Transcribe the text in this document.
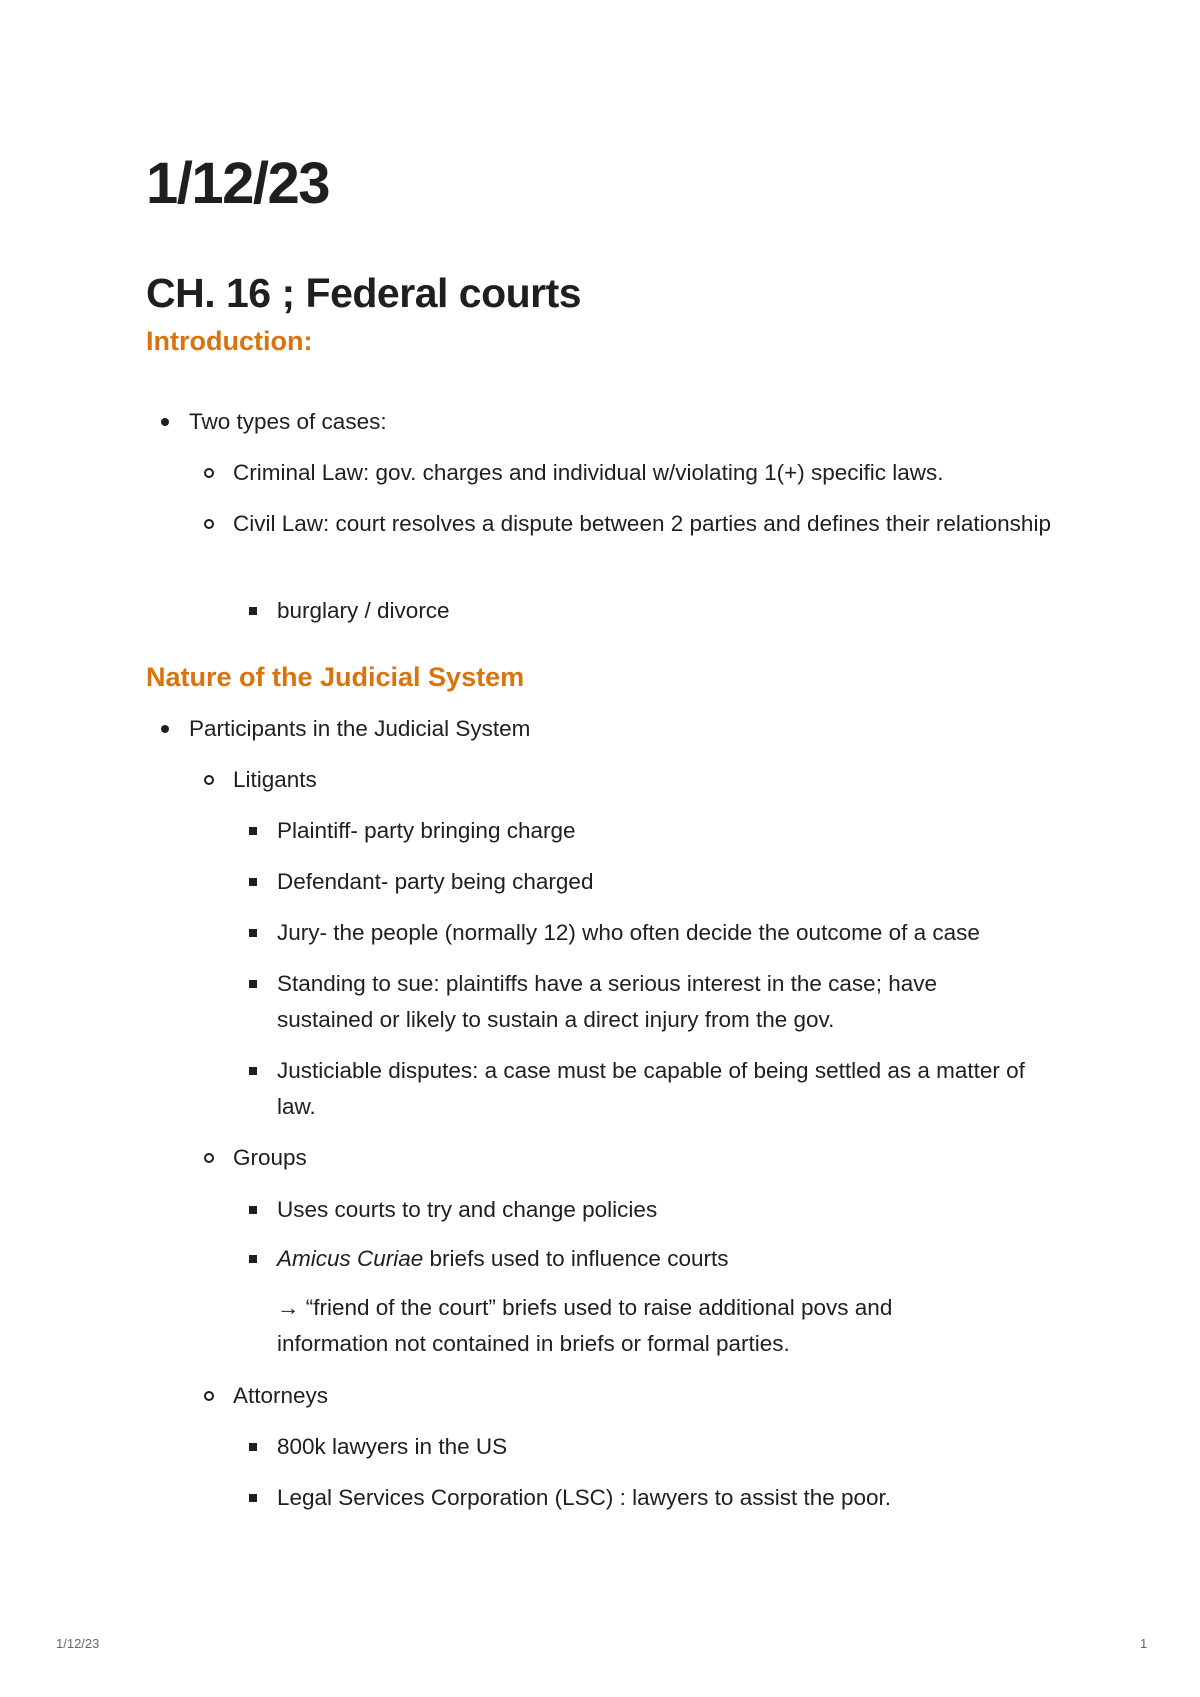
1/12/23
CH. 16 ; Federal courts
Introduction:
Two types of cases:
Criminal Law: gov. charges and individual w/violating 1(+) specific laws.
Civil Law: court resolves a dispute between 2 parties and defines their relationship
burglary / divorce
Nature of the Judicial System
Participants in the Judicial System
Litigants
Plaintiff- party bringing charge
Defendant- party being charged
Jury- the people (normally 12) who often decide the outcome of a case
Standing to sue: plaintiffs have a serious interest in the case; have sustained or likely to sustain a direct injury from the gov.
Justiciable disputes: a case must be capable of being settled as a matter of law.
Groups
Uses courts to try and change policies
Amicus Curiae briefs used to influence courts

→ “friend of the court” briefs used to raise additional povs and information not contained in briefs or formal parties.

Attorneys
800k lawyers in the US
Legal Services Corporation (LSC) : lawyers to assist the poor.

1/12/23	1
